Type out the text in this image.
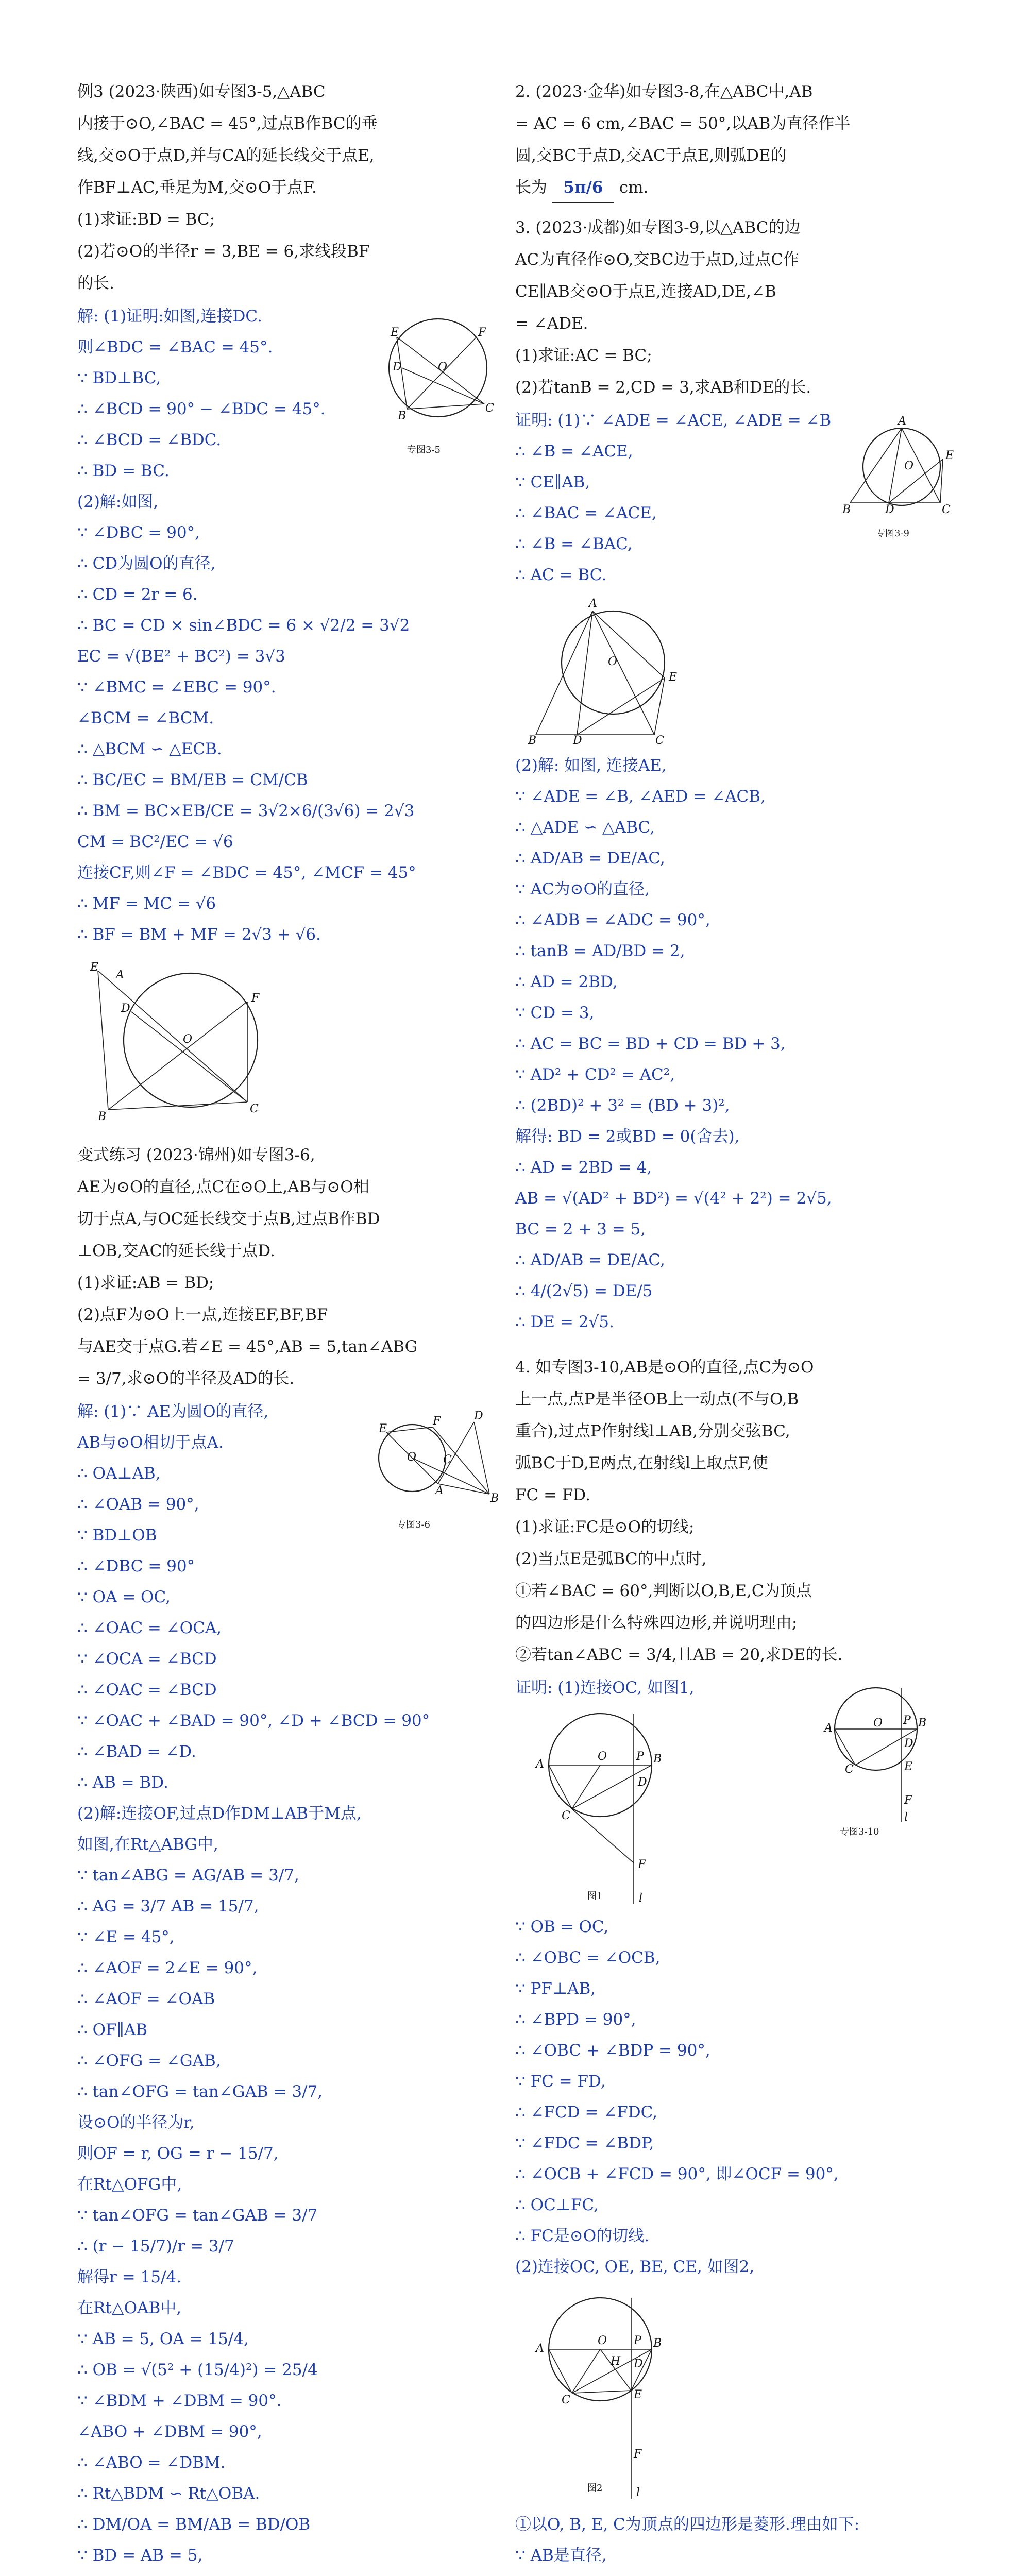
例3 (2023·陕西)如专图3-5,△ABC
内接于⊙O,∠BAC = 45°,过点B作BC的垂
线,交⊙O于点D,并与CA的延长线交于点E,
作BF⊥AC,垂足为M,交⊙O于点F.
(1)求证:BD = BC;
(2)若⊙O的半径r = 3,BE = 6,求线段BF
的长.
解: (1)证明:如图,连接DC.
则∠BDC = ∠BAC = 45°.
∵ BD⊥BC,
∴ ∠BCD = 90° − ∠BDC = 45°.
∴ ∠BCD = ∠BDC.
∴ BD = BC.
(2)解:如图,
E
B
C
F
O
D
专图3-5
∵ ∠DBC = 90°,
∴ CD为圆O的直径,
∴ CD = 2r = 6.
∴ BC = CD × sin∠BDC = 6 × √2/2 = 3√2
EC = √(BE² + BC²) = 3√3
∵ ∠BMC = ∠EBC = 90°.
∠BCM = ∠BCM.
∴ △BCM ∽ △ECB.
∴ BC/EC = BM/EB = CM/CB
∴ BM = BC×EB/CE = 3√2×6/(3√6) = 2√3
CM = BC²/EC = √6
连接CF,则∠F = ∠BDC = 45°, ∠MCF = 45°
∴ MF = MC = √6
∴ BF = BM + MF = 2√3 + √6.
E
B
C
F
O
D
A
变式练习 (2023·锦州)如专图3-6,
AE为⊙O的直径,点C在⊙O上,AB与⊙O相
切于点A,与OC延长线交于点B,过点B作BD
⊥OB,交AC的延长线于点D.
(1)求证:AB = BD;
(2)点F为⊙O上一点,连接EF,BF,BF
与AE交于点G.若∠E = 45°,AB = 5,tan∠ABG
= 3/7,求⊙O的半径及AD的长.
解: (1)∵ AE为圆O的直径,
AB与⊙O相切于点A.
∴ OA⊥AB,
∴ ∠OAB = 90°,
∵ BD⊥OB
∴ ∠DBC = 90°
∵ OA = OC,
E
F	D
A
B
O C
专图3-6
∴ ∠OAC = ∠OCA,
∵ ∠OCA = ∠BCD
∴ ∠OAC = ∠BCD
∵ ∠OAC + ∠BAD = 90°, ∠D + ∠BCD = 90°
∴ ∠BAD = ∠D.
∴ AB = BD.
(2)解:连接OF,过点D作DM⊥AB于M点,
如图,在Rt△ABG中,
∵ tan∠ABG = AG/AB = 3/7,
∴ AG = 3/7 AB = 15/7,
∵ ∠E = 45°,
∴ ∠AOF = 2∠E = 90°,
∴ ∠AOF = ∠OAB
∴ OF∥AB
∴ ∠OFG = ∠GAB,
∴ tan∠OFG = tan∠GAB = 3/7,
设⊙O的半径为r,
则OF = r, OG = r − 15/7,
在Rt△OFG中,
∵ tan∠OFG = tan∠GAB = 3/7
∴ (r − 15/7)/r = 3/7
解得r = 15/4.
在Rt△OAB中,
∵ AB = 5, OA = 15/4,
∴ OB = √(5² + (15/4)²) = 25/4
∵ ∠BDM + ∠DBM = 90°.
∠ABO + ∠DBM = 90°,
∴ ∠ABO = ∠DBM.
∴ Rt△BDM ∽ Rt△OBA.
∴ DM/OA = BM/AB = BD/OB
∵ BD = AB = 5,
2. (2023·金华)如专图3-8,在△ABC中,AB
= AC = 6 cm,∠BAC = 50°,以AB为直径作半
圆,交BC于点D,交AC于点E,则弧DE的
长为 5π/6 cm.
3. (2023·成都)如专图3-9,以△ABC的边
AC为直径作⊙O,交BC边于点D,过点C作
CE∥AB交⊙O于点E,连接AD,DE,∠B
= ∠ADE.
(1)求证:AC = BC;
(2)若tanB = 2,CD = 3,求AB和DE的长.
证明: (1)∵ ∠ADE = ∠ACE, ∠ADE = ∠B
∴ ∠B = ∠ACE,
∵ CE∥AB,
∴ ∠BAC = ∠ACE,
∴ ∠B = ∠BAC,
∴ AC = BC.
A
B	D	C
E
O
专图3-9
A
B	D	C
E
O
(2)解: 如图, 连接AE,
∵ ∠ADE = ∠B, ∠AED = ∠ACB,
∴ △ADE ∽ △ABC,
∴ AD/AB = DE/AC,
∵ AC为⊙O的直径,
∴ ∠ADB = ∠ADC = 90°,
∴ tanB = AD/BD = 2,
∴ AD = 2BD,
∵ CD = 3,
∴ AC = BC = BD + CD = BD + 3,
∵ AD² + CD² = AC²,
∴ (2BD)² + 3² = (BD + 3)²,
解得: BD = 2或BD = 0(舍去),
∴ AD = 2BD = 4,
AB = √(AD² + BD²) = √(4² + 2²) = 2√5,
BC = 2 + 3 = 5,
∴ AD/AB = DE/AC,
∴ 4/(2√5) = DE/5
∴ DE = 2√5.
4. 如专图3-10,AB是⊙O的直径,点C为⊙O
上一点,点P是半径OB上一动点(不与O,B
重合),过点P作射线l⊥AB,分别交弦BC,
弧BC于D,E两点,在射线l上取点F,使
FC = FD.
(1)求证:FC是⊙O的切线;
(2)当点E是弧BC的中点时,
①若∠BAC = 60°,判断以O,B,E,C为顶点
的四边形是什么特殊四边形,并说明理由;
②若tan∠ABC = 3/4,且AB = 20,求DE的长.
证明: (1)连接OC, 如图1,
A	B
C
O	P
D
F
l
图1
A	B
C
O P
D
E
F
l
专图3-10
∵ OB = OC,
∴ ∠OBC = ∠OCB,
∵ PF⊥AB,
∴ ∠BPD = 90°,
∴ ∠OBC + ∠BDP = 90°,
∵ FC = FD,
∴ ∠FCD = ∠FDC,
∵ ∠FDC = ∠BDP,
∴ ∠OCB + ∠FCD = 90°, 即∠OCF = 90°,
∴ OC⊥FC,
∴ FC是⊙O的切线.
(2)连接OC, OE, BE, CE, 如图2,
A	B
C
O P
H D
E
F
l
图2
①以O, B, E, C为顶点的四边形是菱形.理由如下:
∵ AB是直径,
